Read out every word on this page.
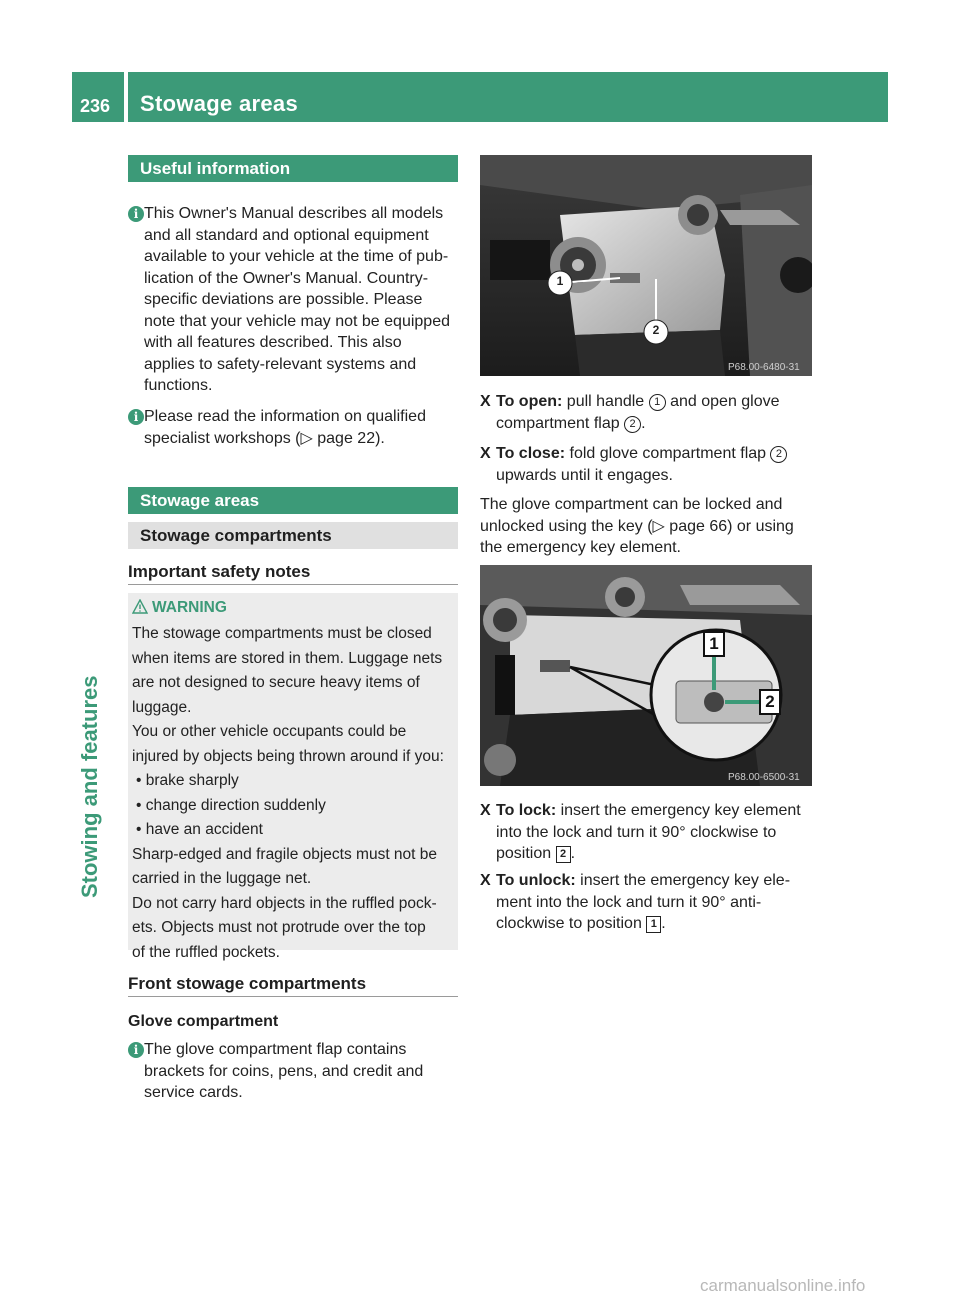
236 Stowage areas
Stowing and features
Useful information
i This Owner's Manual describes all models
and all standard and optional equipment
available to your vehicle at the time of pub-
lication of the Owner's Manual. Country-
specific deviations are possible. Please
note that your vehicle may not be equipped
with all features described. This also
applies to safety-relevant systems and
functions.
i Please read the information on qualified
specialist workshops (▷ page 22).
Stowage areas
Stowage compartments
Important safety notes
WARNING
The stowage compartments must be closed
when items are stored in them. Luggage nets
are not designed to secure heavy items of
luggage.
You or other vehicle occupants could be
injured by objects being thrown around if you:
• brake sharply
• change direction suddenly
• have an accident
Sharp-edged and fragile objects must not be
carried in the luggage net.
Do not carry hard objects in the ruffled pock-
ets. Objects must not protrude over the top
of the ruffled pockets.
Front stowage compartments
Glove compartment
i The glove compartment flap contains
brackets for coins, pens, and credit and
service cards.
1
2
P68.00-6480-31
X To open: pull handle 1 and open glove
compartment flap 2 .
X To close: fold glove compartment flap 2
upwards until it engages.
The glove compartment can be locked and
unlocked using the key (▷ page 66) or using
the emergency key element.
1
2
P68.00-6500-31
X To lock: insert the emergency key element
into the lock and turn it 90° clockwise to
position 2 .
X To unlock: insert the emergency key ele-
ment into the lock and turn it 90° anti-
clockwise to position 1 .
carmanualsonline.info
